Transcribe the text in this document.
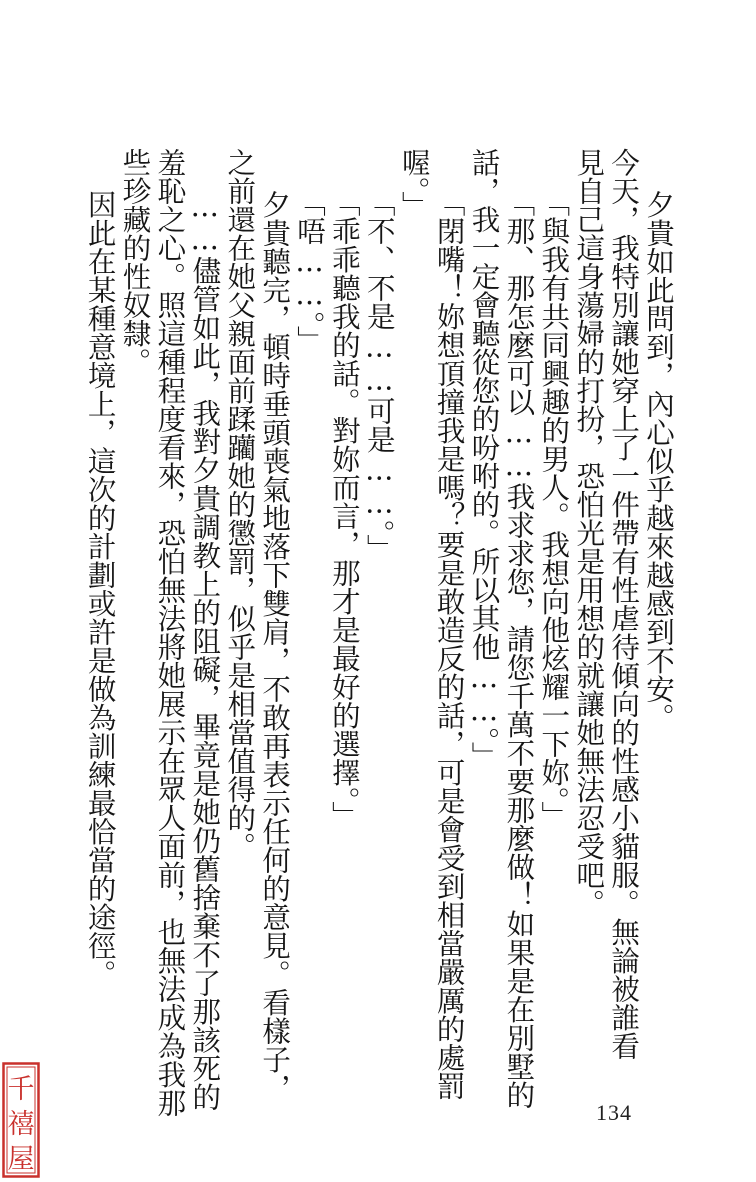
夕貴如此問到，內心似乎越來越感到不安。
今天，我特別讓她穿上了一件帶有性虐待傾向的性感小貓服。無論被誰看
見自己這身蕩婦的打扮，恐怕光是用想的就讓她無法忍受吧。
「與我有共同興趣的男人。我想向他炫耀一下妳。」
「那、那怎麼可以……我求求您，請您千萬不要那麼做！如果是在別墅的
話，我一定會聽從您的吩咐的。所以其他……。」
「閉嘴！妳想頂撞我是嗎？要是敢造反的話，可是會受到相當嚴厲的處罰
喔。」
「不、不是……可是……。」
「乖乖聽我的話。對妳而言，那才是最好的選擇。」
「唔……。」
夕貴聽完，頓時垂頭喪氣地落下雙肩，不敢再表示任何的意見。看樣子，
之前還在她父親面前蹂躪她的懲罰，似乎是相當值得的。
……儘管如此，我對夕貴調教上的阻礙，畢竟是她仍舊捨棄不了那該死的
羞恥之心。照這種程度看來，恐怕無法將她展示在眾人面前，也無法成為我那
些珍藏的性奴隸。
因此在某種意境上，這次的計劃或許是做為訓練最恰當的途徑。
134
千
禧
屋
